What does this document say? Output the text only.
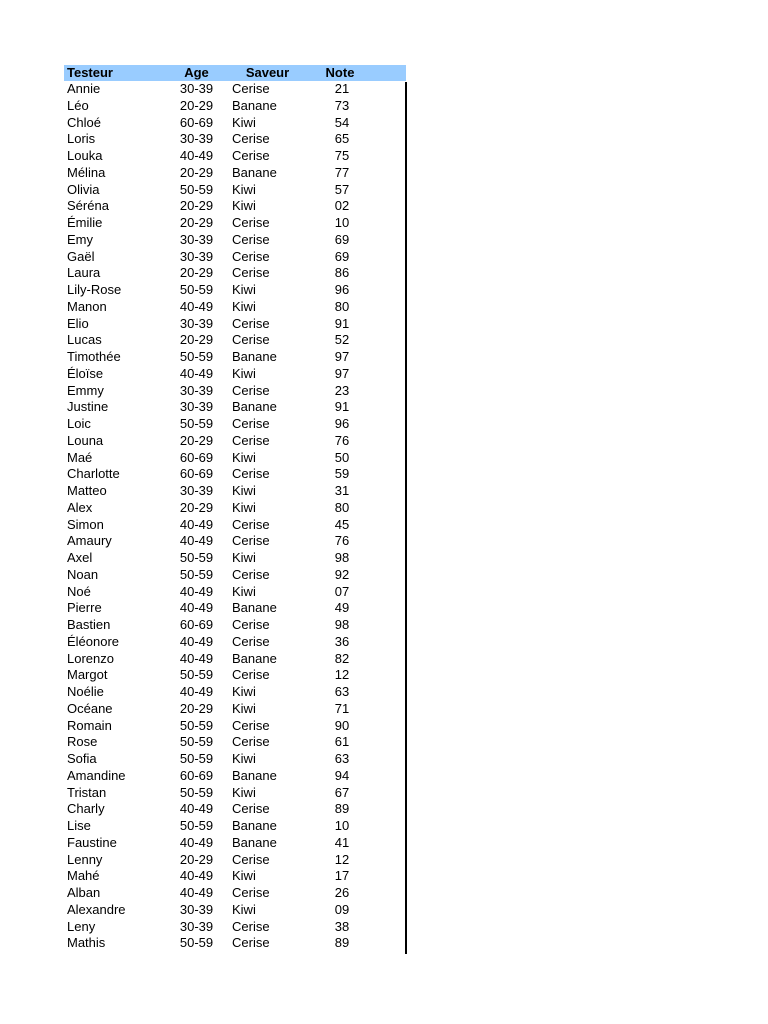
Testeur	Age	Saveur	Note
Annie	30-39	Cerise	21
Léo	20-29	Banane	73
Chloé	60-69	Kiwi	54
Loris	30-39	Cerise	65
Louka	40-49	Cerise	75
Mélina	20-29	Banane	77
Olivia	50-59	Kiwi	57
Séréna	20-29	Kiwi	02
Émilie	20-29	Cerise	10
Emy	30-39	Cerise	69
Gaël	30-39	Cerise	69
Laura	20-29	Cerise	86
Lily-Rose	50-59	Kiwi	96
Manon	40-49	Kiwi	80
Elio	30-39	Cerise	91
Lucas	20-29	Cerise	52
Timothée	50-59	Banane	97
Éloïse	40-49	Kiwi	97
Emmy	30-39	Cerise	23
Justine	30-39	Banane	91
Loic	50-59	Cerise	96
Louna	20-29	Cerise	76
Maé	60-69	Kiwi	50
Charlotte	60-69	Cerise	59
Matteo	30-39	Kiwi	31
Alex	20-29	Kiwi	80
Simon	40-49	Cerise	45
Amaury	40-49	Cerise	76
Axel	50-59	Kiwi	98
Noan	50-59	Cerise	92
Noé	40-49	Kiwi	07
Pierre	40-49	Banane	49
Bastien	60-69	Cerise	98
Éléonore	40-49	Cerise	36
Lorenzo	40-49	Banane	82
Margot	50-59	Cerise	12
Noélie	40-49	Kiwi	63
Océane	20-29	Kiwi	71
Romain	50-59	Cerise	90
Rose	50-59	Cerise	61
Sofia	50-59	Kiwi	63
Amandine	60-69	Banane	94
Tristan	50-59	Kiwi	67
Charly	40-49	Cerise	89
Lise	50-59	Banane	10
Faustine	40-49	Banane	41
Lenny	20-29	Cerise	12
Mahé	40-49	Kiwi	17
Alban	40-49	Cerise	26
Alexandre	30-39	Kiwi	09
Leny	30-39	Cerise	38
Mathis	50-59	Cerise	89
